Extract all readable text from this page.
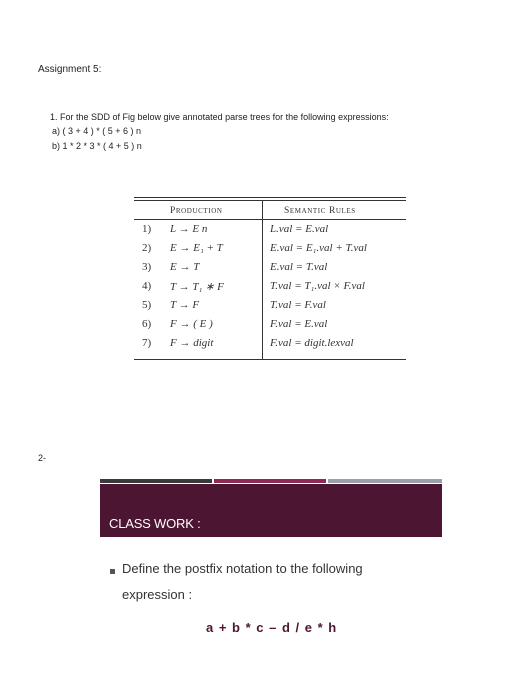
Assignment 5:
1. For the SDD of Fig below give annotated parse trees for the following expressions:
a) ( 3 + 4 ) * ( 5 + 6 ) n
b) 1 * 2 * 3 * ( 4 + 5 ) n
Production	Semantic Rules
1) L → E n	L.val = E.val
2) E → E₁ + T	E.val = E₁.val + T.val
3) E → T	E.val = T.val
4) T → T₁ ∗ F	T.val = T₁.val × F.val
5) T → F	T.val = F.val
6) F → ( E )	F.val = E.val
7) F → digit	F.val = digit.lexval
2-
CLASS WORK :
Define the postfix notation to the following
expression :
a + b * c – d / e * h
